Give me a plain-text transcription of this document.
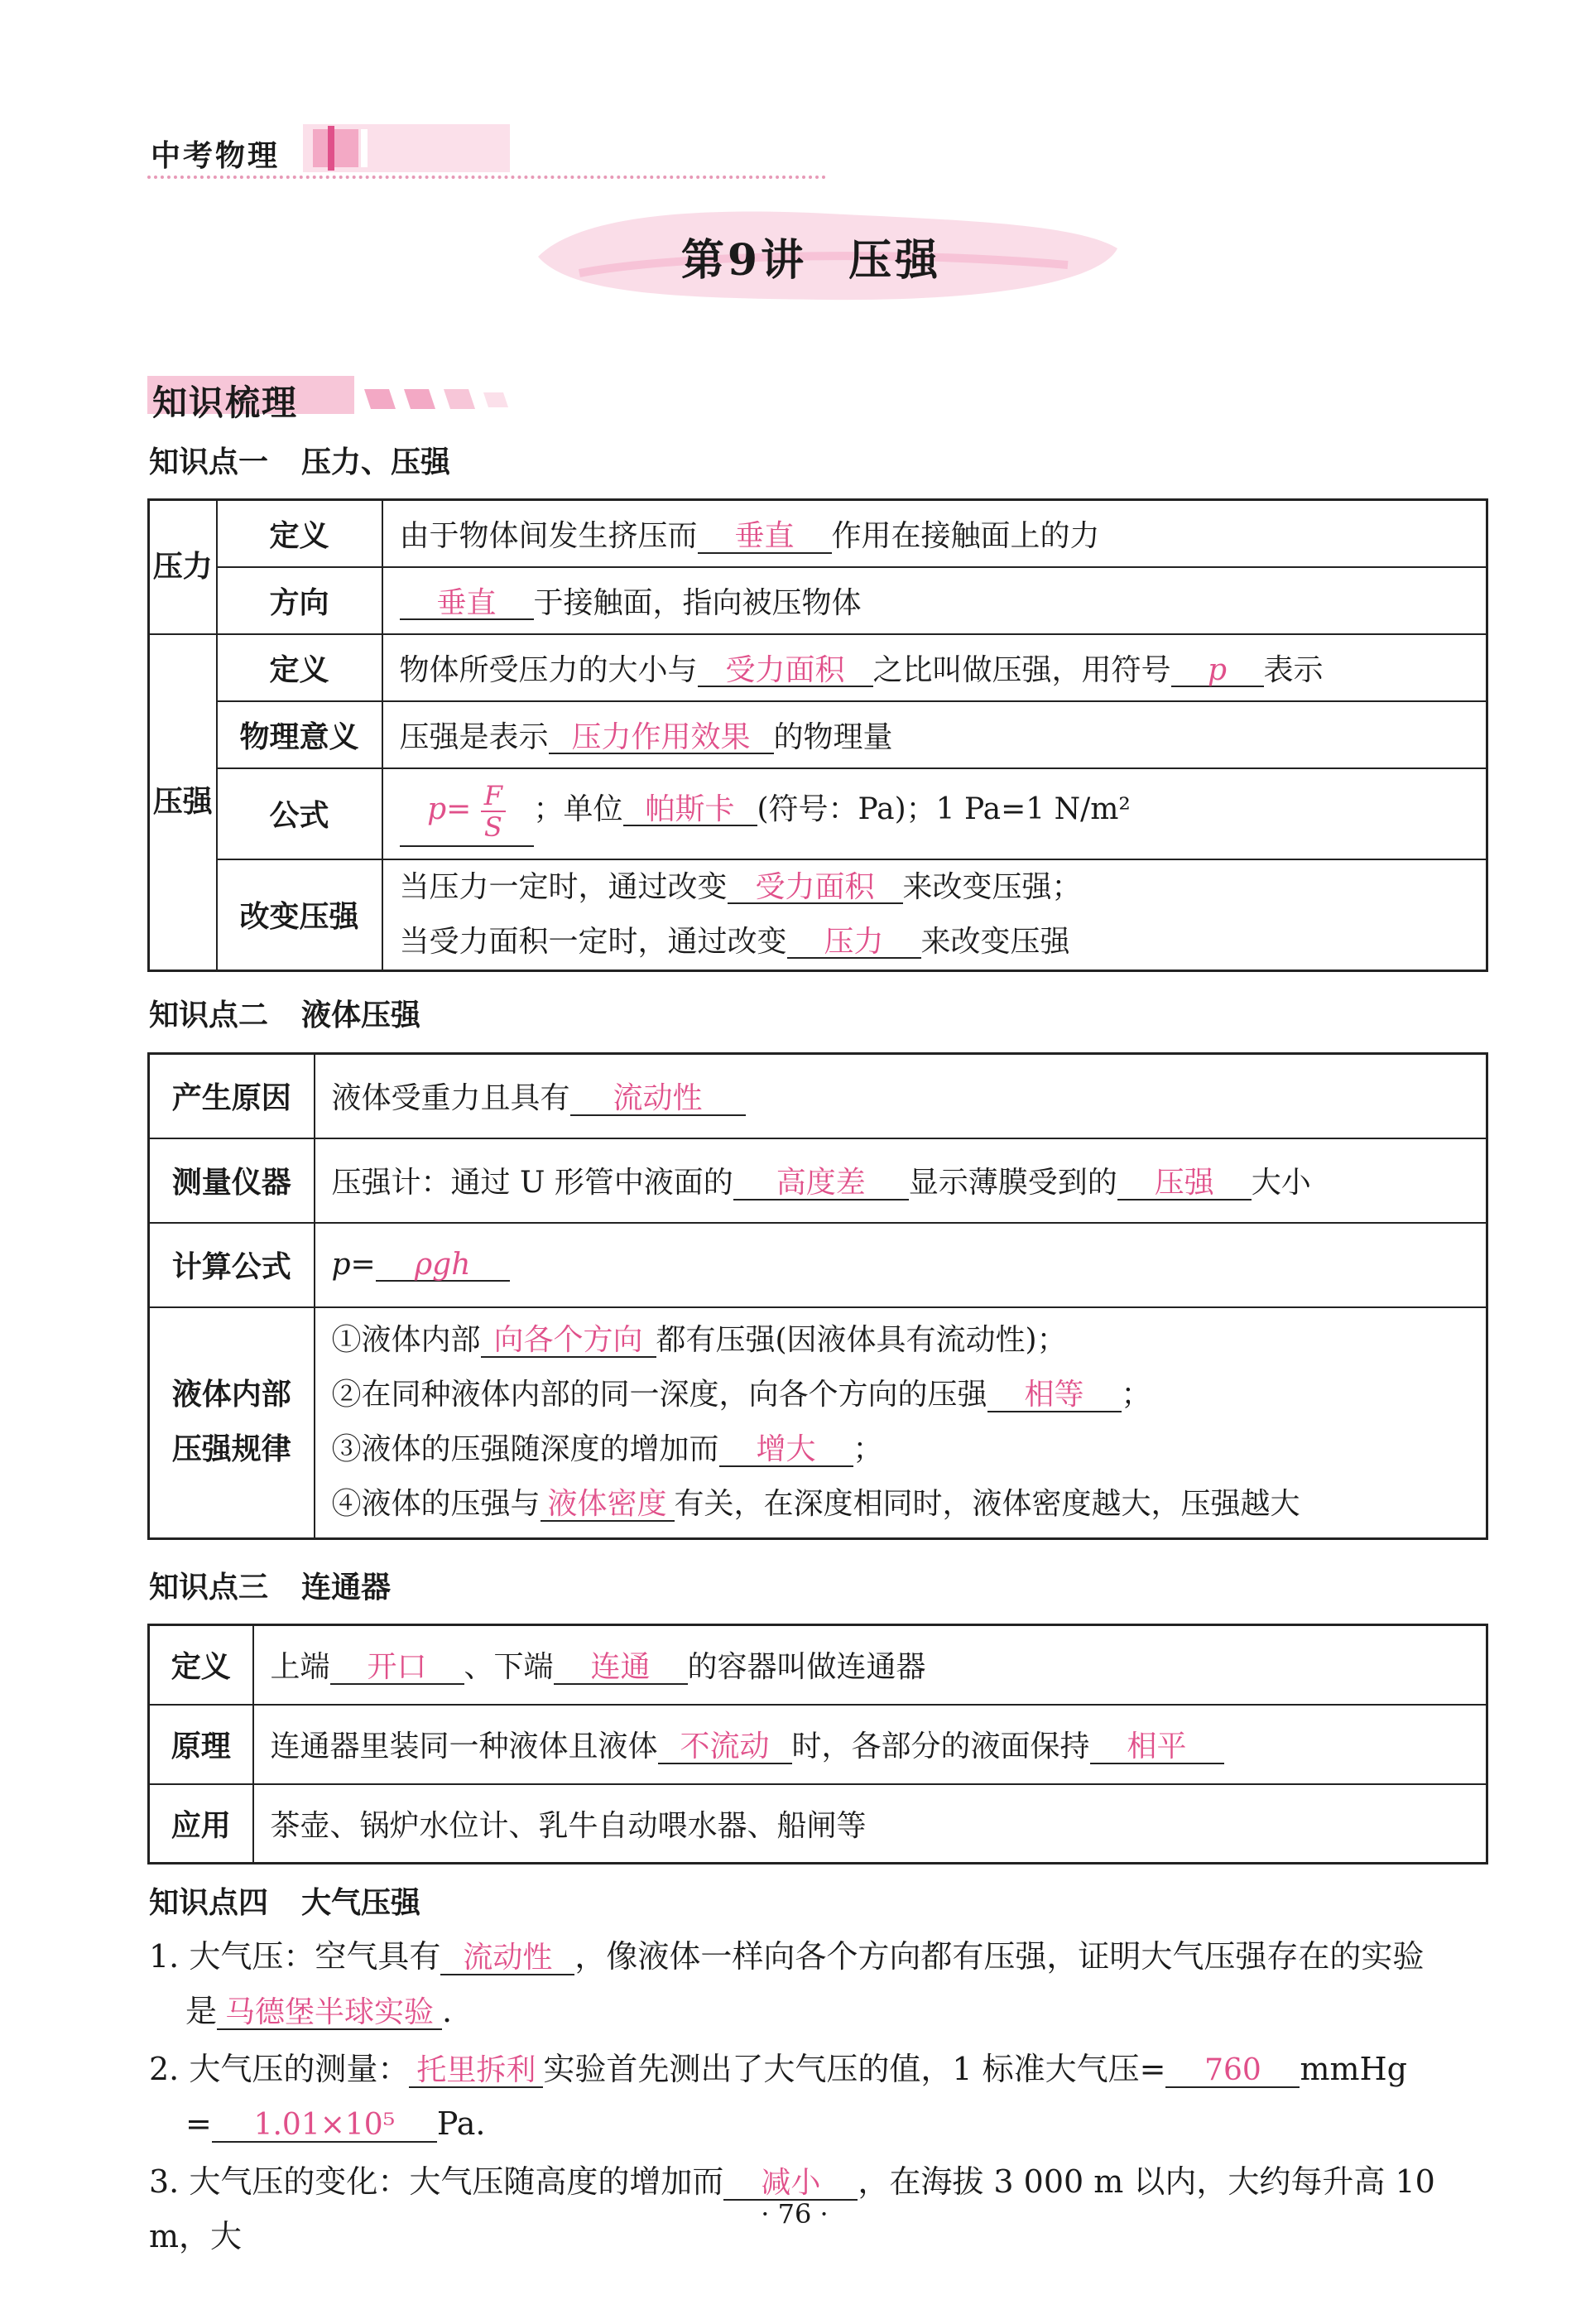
中考物理
第9讲 压强
知识梳理
知识点一 压力、压强
压力	定义	由于物体间发生挤压而 垂直 作用在接触面上的力
	方向	垂直 于接触面，指向被压物体
压强	定义	物体所受压力的大小与 受力面积 之比叫做压强，用符号 p 表示
	物理意义	压强是表示 压力作用效果 的物理量
	公式	$p= \frac{F}{S}$ ；单位 帕斯卡 (符号：Pa)；1 Pa=1 N/m²
	改变压强	当压力一定时，通过改变 受力面积 来改变压强；
当受力面积一定时，通过改变 压力 来改变压强
知识点二 液体压强
产生原因	液体受重力且具有 流动性
测量仪器	压强计：通过 U 形管中液面的 高度差 显示薄膜受到的 压强 大小
计算公式	p= ρgh
液体内部
压强规律	①液体内部 向各个方向 都有压强(因液体具有流动性)；
②在同种液体内部的同一深度，向各个方向的压强 相等 ；
③液体的压强随深度的增加而 增大 ；
④液体的压强与 液体密度 有关，在深度相同时，液体密度越大，压强越大
知识点三 连通器
定义	上端 开口 、下端 连通 的容器叫做连通器
原理	连通器里装同一种液体且液体 不流动 时，各部分的液面保持 相平
应用	茶壶、锅炉水位计、乳牛自动喂水器、船闸等
知识点四 大气压强
1. 大气压：空气具有 流动性 ，像液体一样向各个方向都有压强，证明大气压强存在的实验
是 马德堡半球实验 .
2. 大气压的测量： 托里拆利 实验首先测出了大气压的值，1 标准大气压= 760 mmHg
= 1.01×10⁵ Pa.
3. 大气压的变化：大气压随高度的增加而 减小 ，在海拔 3 000 m 以内，大约每升高 10 m，大
· 76 ·
